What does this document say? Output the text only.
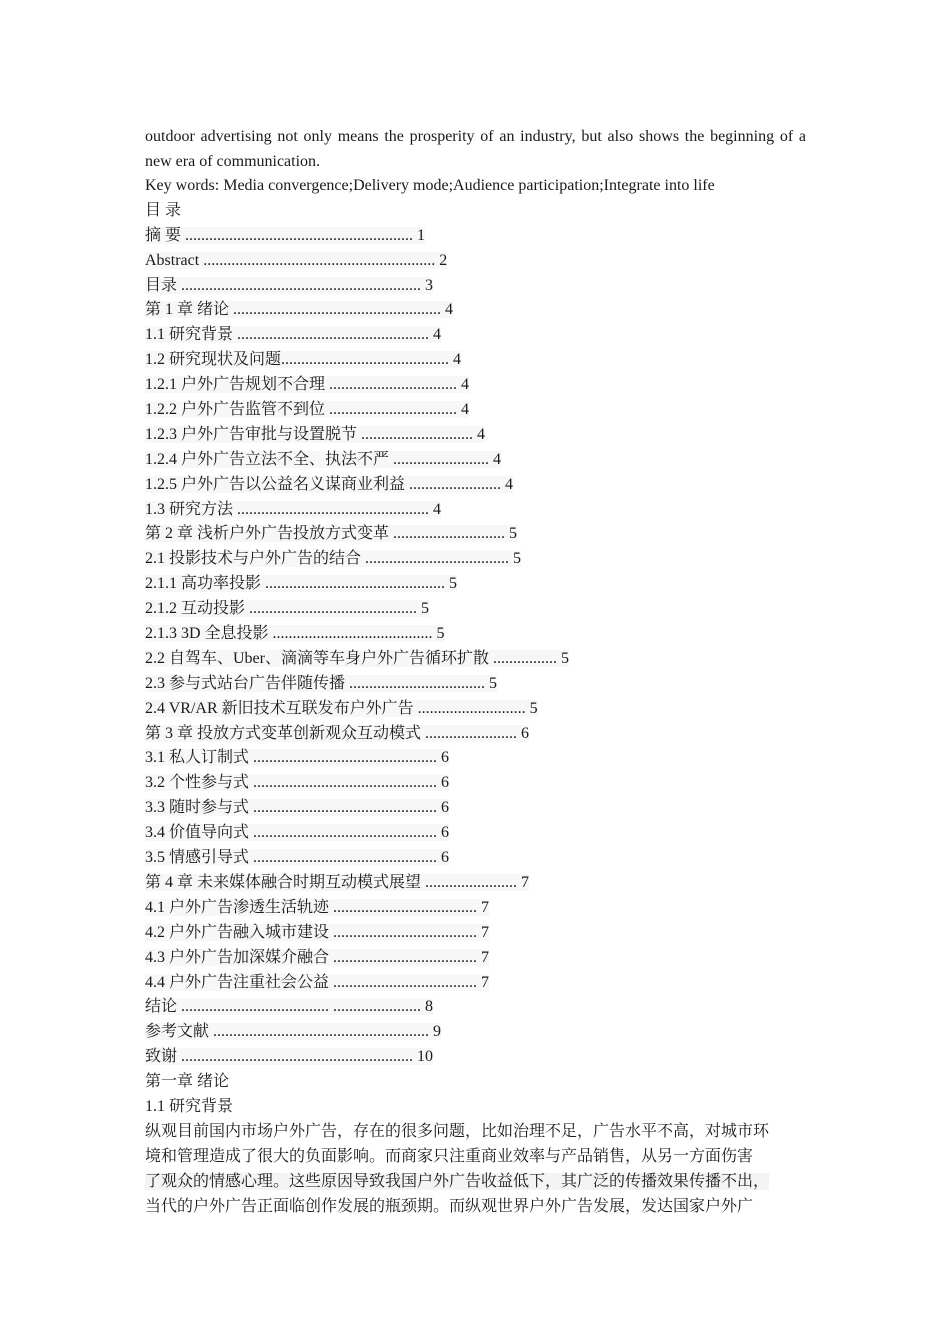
outdoor advertising not only means the prosperity of an industry, but also shows the beginning of a new era of communication.

Key words: Media convergence;Delivery mode;Audience participation;Integrate into life
目 录
摘 要 ......................................................... 1
Abstract .......................................................... 2
目录 ............................................................ 3
第 1 章 绪论 .................................................... 4
1.1 研究背景 ................................................ 4
1.2 研究现状及问题.......................................... 4
1.2.1 户外广告规划不合理 ................................ 4
1.2.2 户外广告监管不到位 ................................ 4
1.2.3 户外广告审批与设置脱节 ............................ 4
1.2.4 户外广告立法不全、执法不严 ........................ 4
1.2.5 户外广告以公益名义谋商业利益 ....................... 4
1.3 研究方法 ................................................ 4
第 2 章 浅析户外广告投放方式变革 ............................ 5
2.1 投影技术与户外广告的结合 .................................... 5
2.1.1 高功率投影 ............................................. 5
2.1.2 互动投影 .......................................... 5
2.1.3 3D 全息投影 ........................................ 5
2.2 自驾车、Uber、滴滴等车身户外广告循环扩散 ................ 5
2.3 参与式站台广告伴随传播 .................................. 5
2.4 VR/AR 新旧技术互联发布户外广告 ........................... 5
第 3 章 投放方式变革创新观众互动模式 ....................... 6
3.1 私人订制式 .............................................. 6
3.2 个性参与式 .............................................. 6
3.3 随时参与式 .............................................. 6
3.4 价值导向式 .............................................. 6
3.5 情感引导式 .............................................. 6
第 4 章 未来媒体融合时期互动模式展望 ....................... 7
4.1 户外广告渗透生活轨迹 .................................... 7
4.2 户外广告融入城市建设 .................................... 7
4.3 户外广告加深媒介融合 .................................... 7
4.4 户外广告注重社会公益 .................................... 7
结论 ..................................... ...................... 8
参考文献 ...................................................... 9
致谢 .......................................................... 10
第一章 绪论
1.1 研究背景
纵观目前国内市场户外广告，存在的很多问题，比如治理不足，广告水平不高，对城市环
境和管理造成了很大的负面影响。而商家只注重商业效率与产品销售，从另一方面伤害
了观众的情感心理。这些原因导致我国户外广告收益低下，其广泛的传播效果传播不出，
当代的户外广告正面临创作发展的瓶颈期。而纵观世界户外广告发展，发达国家户外广
